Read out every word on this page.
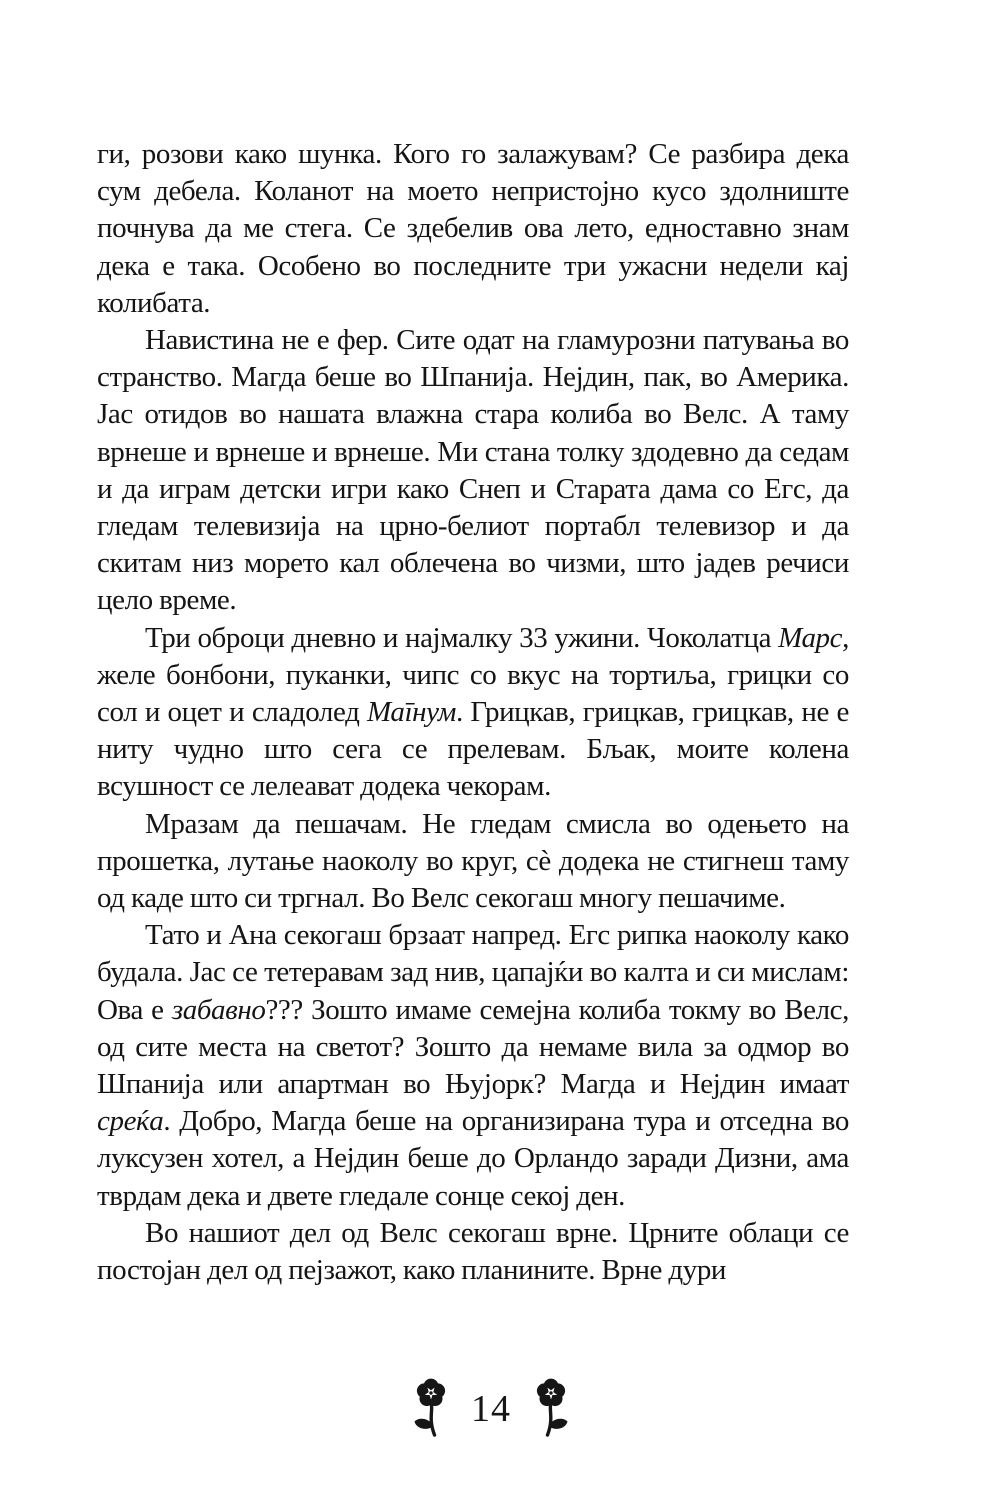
ги, розови како шунка. Кого го залажувам? Се разбира дека сум дебела. Коланот на моето непристојно кусо здолниште почнува да ме стега. Се здебелив ова лето, едноставно знам дека е така. Особено во последните три ужасни недели кај колибата.

Навистина не е фер. Сите одат на гламурозни патувања во странство. Магда беше во Шпанија. Нејдин, пак, во Америка. Јас отидов во нашата влажна стара колиба во Велс. А таму врнеше и врнеше и врнеше. Ми стана толку здодевно да седам и да играм детски игри како Снеп и Старата дама со Егс, да гледам телевизија на црно-белиот портабл телевизор и да скитам низ морето кал облечена во чизми, што јадев речиси цело време.

Три оброци дневно и најмалку 33 ужини. Чоколатца Марс, желе бонбони, пуканки, чипс со вкус на тортиља, грицки со сол и оцет и сладолед Магнум. Грицкав, грицкав, грицкав, не е ниту чудно што сега се прелевам. Бљак, моите колена всушност се лелеават додека чекорам.

Мразам да пешачам. Не гледам смисла во одењето на прошетка, лутање наоколу во круг, сѐ додека не стигнеш таму од каде што си тргнал. Во Велс секогаш многу пешачиме.

Тато и Ана секогаш брзаат напред. Егс рипка наоколу како будала. Јас се тетеравам зад нив, цапајќи во калта и си мислам: Ова е забавно??? Зошто имаме семејна колиба токму во Велс, од сите места на светот? Зошто да немаме вила за одмор во Шпанија или апартман во Њујорк? Магда и Нејдин имаат среќа. Добро, Магда беше на организирана тура и отседна во луксузен хотел, а Нејдин беше до Орландо заради Дизни, ама тврдам дека и двете гледале сонце секој ден.

Во нашиот дел од Велс секогаш врне. Црните облаци се постојан дел од пејзажот, како планините. Врне дури

14
